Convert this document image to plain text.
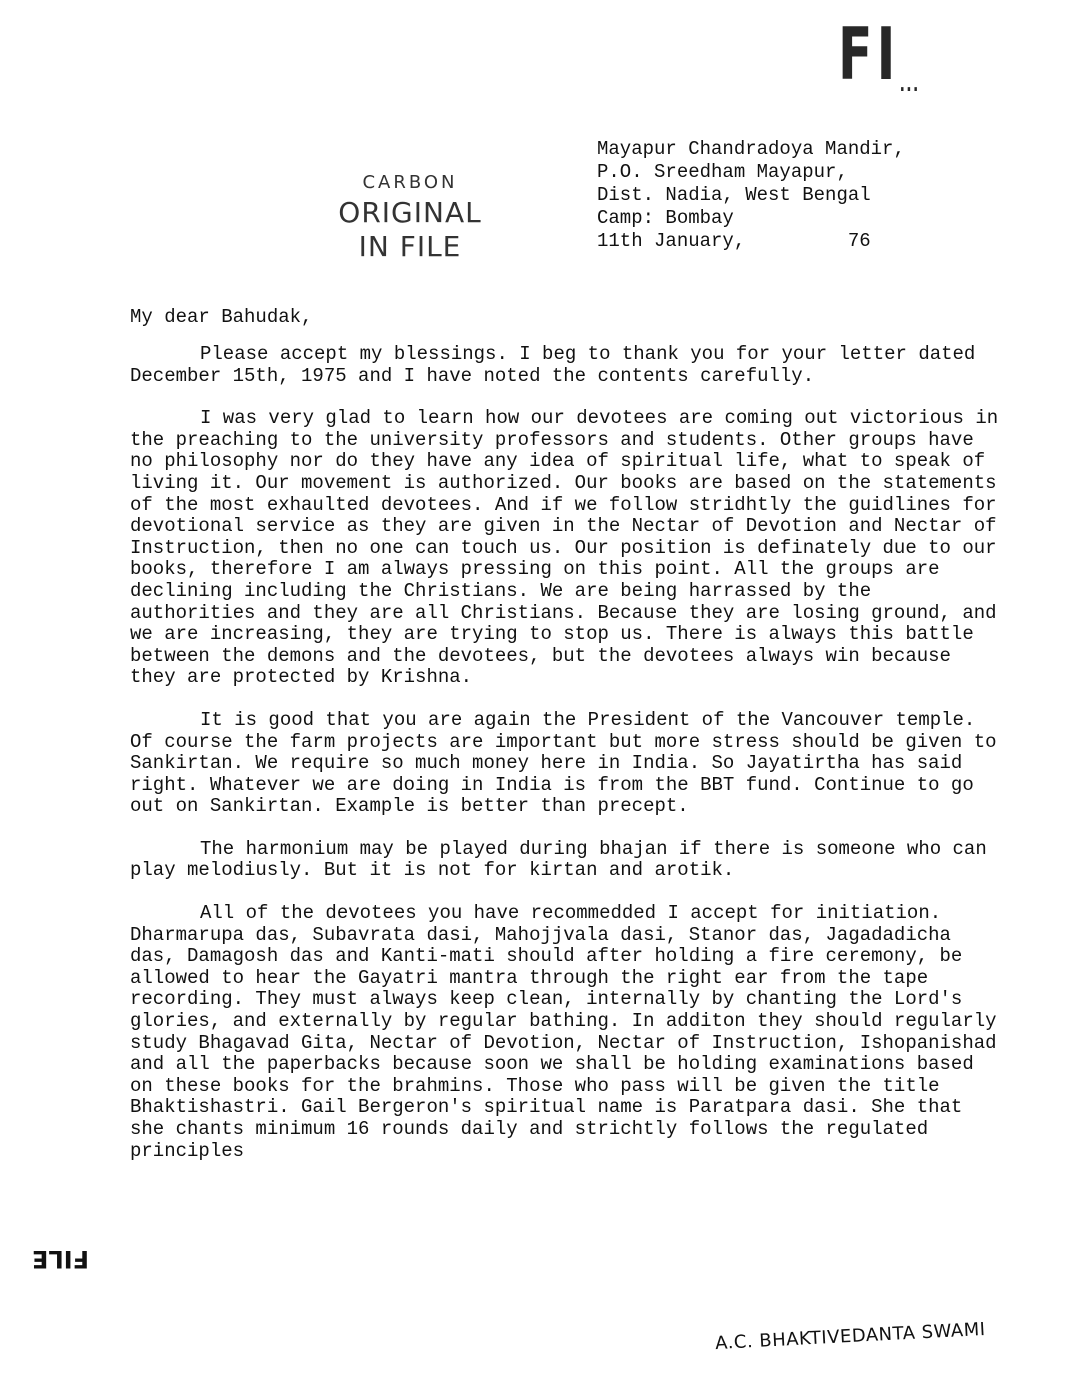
FI...
CARBON
ORIGINAL
IN FILE
Mayapur Chandradoya Mandir,
P.O. Sreedham Mayapur,
Dist. Nadia, West Bengal
Camp: Bombay
11th January,	76
My dear Bahudak,

Please accept my blessings. I beg to thank you for your letter dated December 15th, 1975 and I have noted the contents carefully.

I was very glad to learn how our devotees are coming out victorious in the preaching to the university professors and students. Other groups have no philosophy nor do they have any idea of spiritual life, what to speak of living it. Our movement is authorized. Our books are based on the statements of the most exhaulted devotees. And if we follow stridhtly the guidlines for devotional service as they are given in the Nectar of Devotion and Nectar of Instruction, then no one can touch us. Our position is definately due to our books, therefore I am always pressing on this point. All the groups are declining including the Christians. We are being harrassed by the authorities and they are all Christians. Because they are losing ground, and we are increasing, they are trying to stop us. There is always this battle between the demons and the devotees, but the devotees always win because they are protected by Krishna.

It is good that you are again the President of the Vancouver temple. Of course the farm projects are important but more stress should be given to Sankirtan. We require so much money here in India. So Jayatirtha has said right. Whatever we are doing in India is from the BBT fund. Continue to go out on Sankirtan. Example is better than precept.

The harmonium may be played during bhajan if there is someone who can play melodiusly. But it is not for kirtan and arotik.

All of the devotees you have recommedded I accept for initiation. Dharmarupa das, Subavrata dasi, Mahojjvala dasi, Stanor das, Jagadadicha das, Damagosh das and Kanti-mati should after holding a fire ceremony, be allowed to hear the Gayatri mantra through the right ear from the tape recording. They must always keep clean, internally by chanting the Lord's glories, and externally by regular bathing. In additon they should regularly study Bhagavad Gita, Nectar of Devotion, Nectar of Instruction, Ishopanishad and all the paperbacks because soon we shall be holding examinations based on these books for the brahmins. Those who pass will be given the title Bhaktishastri. Gail Bergeron's spiritual name is Paratpara dasi. She that she chants minimum 16 rounds daily and strichtly follows the regulated principles

FILE
A.C. BHAKTIVEDANTA SWAMI
